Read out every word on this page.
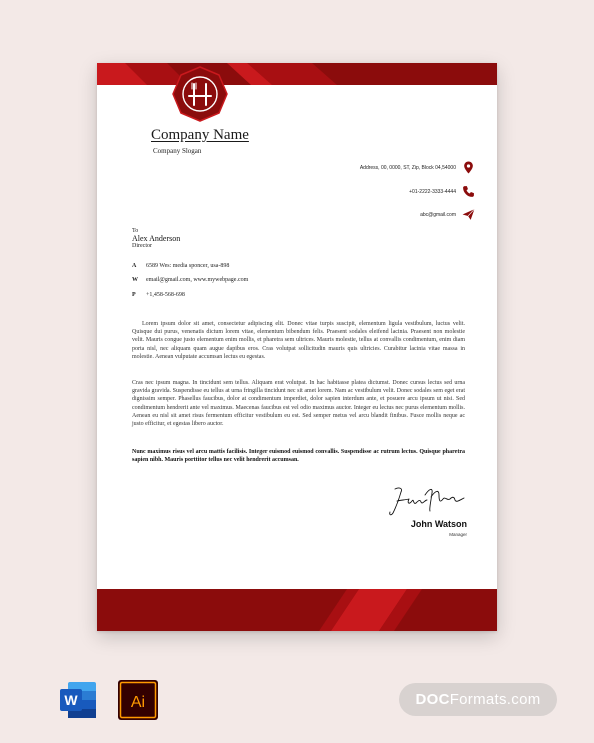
Company Name
Company Slogan
Address, 00, 0000, ST, Zip, Block 04,54000
+01-2222-3333-4444
abc@gmail.com
To
Alex Anderson
Director
A	6589 Wes: media sponcer, usa-898
W	email@gmail.com, www.mywebpage.com
P	+1,458-568-698

Lorem ipsum dolor sit amet, consectetur adipiscing elit. Donec vitae turpis suscipit, elementum ligula vestibulum, luctus velit. Quisque dui purus, venenatis dictum lorem vitae, elementum bibendum felis. Praesent sodales eleifend lacinia. Praesent non molestie velit. Mauris congue justo elementum enim mollis, et pharetra sem ultrices. Mauris molestie, tellus at convallis condimentum, enim diam porta nisl, nec aliquam quam augue dapibus eros. Cras volutpat sollicitudin mauris quis ultricies. Curabitur lacinia vitae massa in molestie. Aenean vulputate accumsan lectus eu egestas.

Cras nec ipsum magna. In tincidunt sem tellus. Aliquam erat volutpat. In hac habitasse platea dictumst. Donec cursus lectus sed urna gravida gravida. Suspendisse eu tellus at urna fringilla tincidunt nec sit amet lorem. Nam ac vestibulum velit. Donec sodales sem eget erat dignissim semper. Phasellus faucibus, dolor at condimentum imperdiet, dolor sapien interdum ante, et posuere arcu ipsum ut nisi. Sed condimentum hendrerit ante vel maximus. Maecenas faucibus est vel odio maximus auctor. Integer eu lectus nec purus elementum mollis. Aenean eu nisl sit amet risus fermentum efficitur vestibulum eu est. Sed semper metus vel arcu blandit finibus. Fusce mollis neque ac justo efficitur, et egestas libero auctor.

Nunc maximus risus vel arcu mattis facilisis. Integer euismod euismod convallis. Suspendisse ac rutrum lectus. Quisque pharetra sapien nibh. Mauris porttitor tellus nec velit hendrerit accumsan.

John Watson
Manager
W	Ai	DOCFormats.com
